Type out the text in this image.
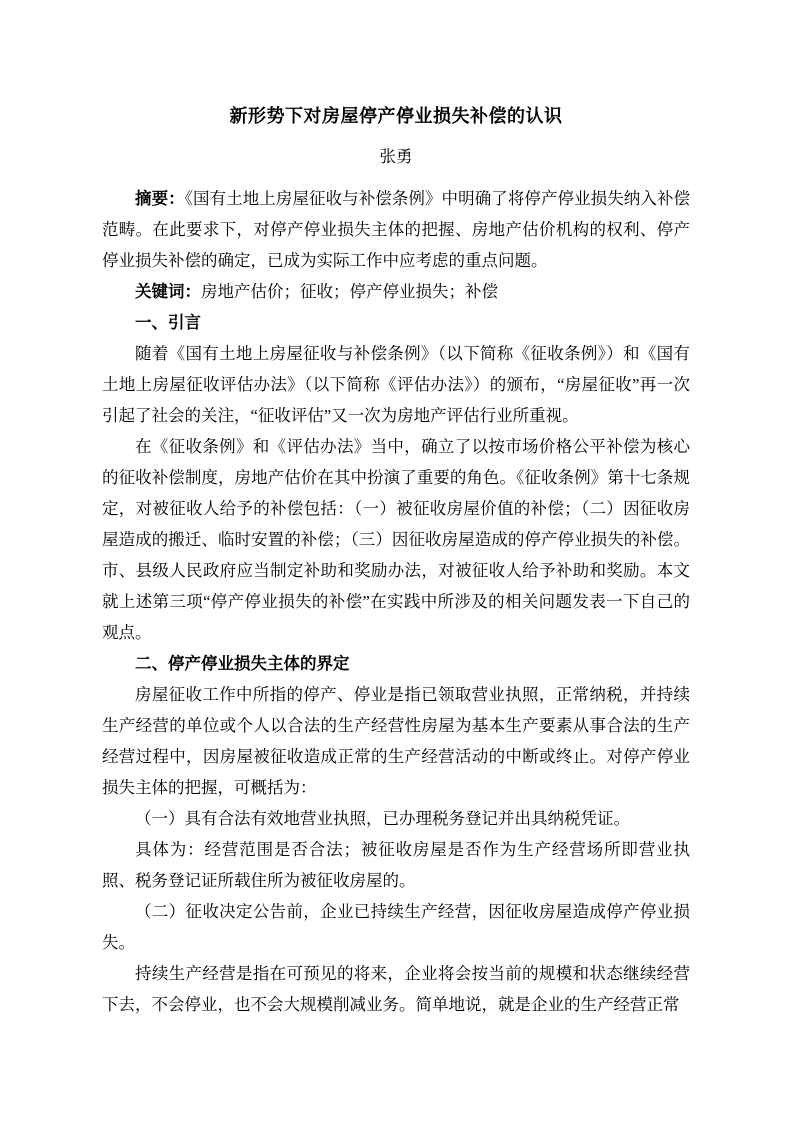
新形势下对房屋停产停业损失补偿的认识
张勇

摘要：《国有土地上房屋征收与补偿条例》中明确了将停产停业损失纳入补偿范畴。在此要求下，对停产停业损失主体的把握、房地产估价机构的权利、停产停业损失补偿的确定，已成为实际工作中应考虑的重点问题。

关键词：房地产估价；征收；停产停业损失；补偿

一、引言

随着《国有土地上房屋征收与补偿条例》（以下简称《征收条例》）和《国有土地上房屋征收评估办法》（以下简称《评估办法》）的颁布，“房屋征收”再一次引起了社会的关注，“征收评估”又一次为房地产评估行业所重视。

在《征收条例》和《评估办法》当中，确立了以按市场价格公平补偿为核心的征收补偿制度，房地产估价在其中扮演了重要的角色。《征收条例》第十七条规定，对被征收人给予的补偿包括：（一）被征收房屋价值的补偿；（二）因征收房屋造成的搬迁、临时安置的补偿；（三）因征收房屋造成的停产停业损失的补偿。市、县级人民政府应当制定补助和奖励办法，对被征收人给予补助和奖励。本文就上述第三项“停产停业损失的补偿”在实践中所涉及的相关问题发表一下自己的观点。

二、停产停业损失主体的界定

房屋征收工作中所指的停产、停业是指已领取营业执照，正常纳税，并持续生产经营的单位或个人以合法的生产经营性房屋为基本生产要素从事合法的生产经营过程中，因房屋被征收造成正常的生产经营活动的中断或终止。对停产停业损失主体的把握，可概括为：

（一）具有合法有效地营业执照，已办理税务登记并出具纳税凭证。

具体为：经营范围是否合法；被征收房屋是否作为生产经营场所即营业执照、税务登记证所载住所为被征收房屋的。

（二）征收决定公告前，企业已持续生产经营，因征收房屋造成停产停业损失。

持续生产经营是指在可预见的将来，企业将会按当前的规模和状态继续经营下去，不会停业，也不会大规模削减业务。简单地说，就是企业的生产经营正常
